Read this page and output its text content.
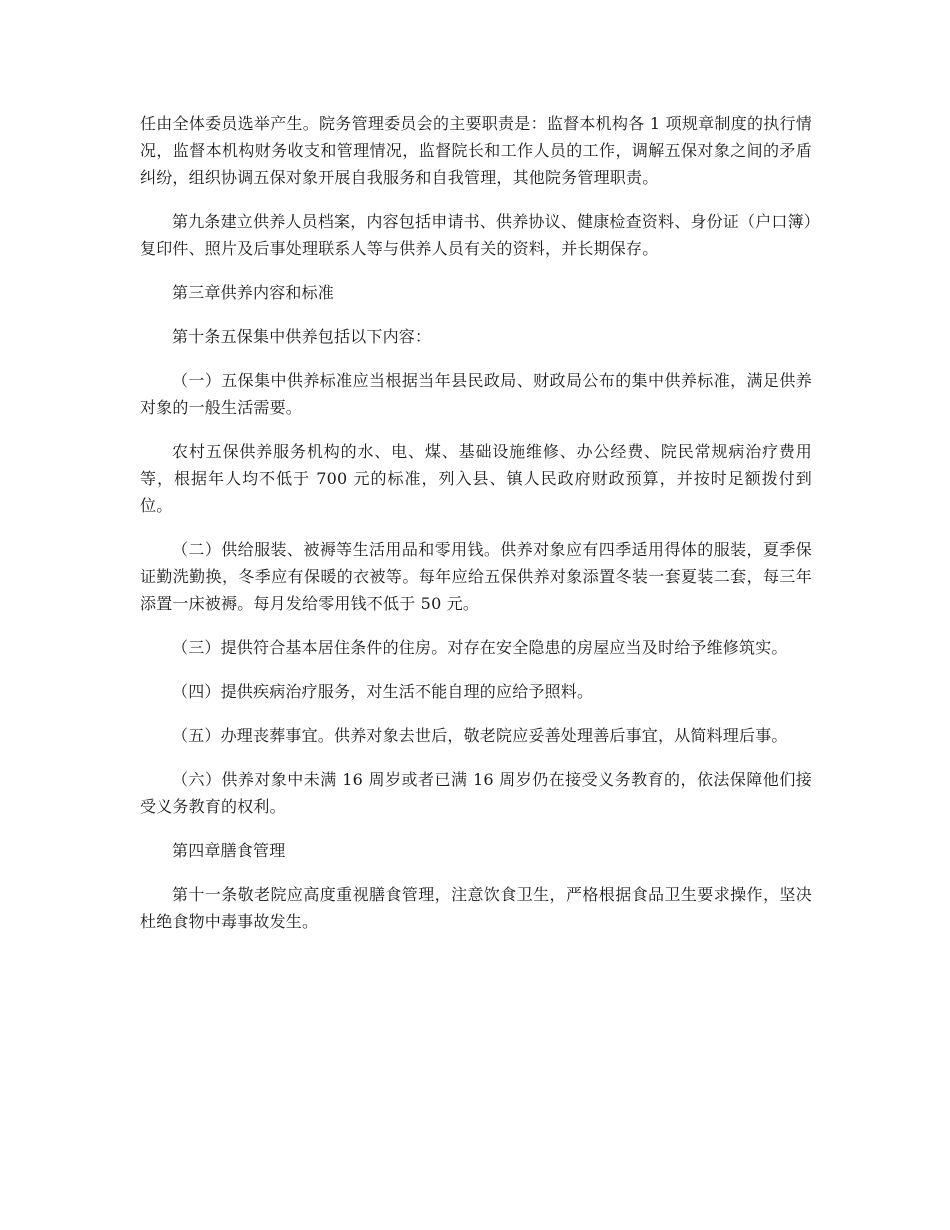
任由全体委员选举产生。院务管理委员会的主要职责是：监督本机构各 1 项规章制度的执行情况，监督本机构财务收支和管理情况，监督院长和工作人员的工作，调解五保对象之间的矛盾纠纷，组织协调五保对象开展自我服务和自我管理，其他院务管理职责。

第九条建立供养人员档案，内容包括申请书、供养协议、健康检查资料、身份证（户口簿）复印件、照片及后事处理联系人等与供养人员有关的资料，并长期保存。

第三章供养内容和标准

第十条五保集中供养包括以下内容：

（一）五保集中供养标准应当根据当年县民政局、财政局公布的集中供养标准，满足供养对象的一般生活需要。

农村五保供养服务机构的水、电、煤、基础设施维修、办公经费、院民常规病治疗费用等，根据年人均不低于 700 元的标准，列入县、镇人民政府财政预算，并按时足额拨付到位。

（二）供给服装、被褥等生活用品和零用钱。供养对象应有四季适用得体的服装，夏季保证勤洗勤换，冬季应有保暖的衣被等。每年应给五保供养对象添置冬装一套夏装二套，每三年添置一床被褥。每月发给零用钱不低于 50 元。

（三）提供符合基本居住条件的住房。对存在安全隐患的房屋应当及时给予维修筑实。

（四）提供疾病治疗服务，对生活不能自理的应给予照料。

（五）办理丧葬事宜。供养对象去世后，敬老院应妥善处理善后事宜，从简料理后事。

（六）供养对象中未满 16 周岁或者已满 16 周岁仍在接受义务教育的，依法保障他们接受义务教育的权利。

第四章膳食管理

第十一条敬老院应高度重视膳食管理，注意饮食卫生，严格根据食品卫生要求操作，坚决杜绝食物中毒事故发生。
